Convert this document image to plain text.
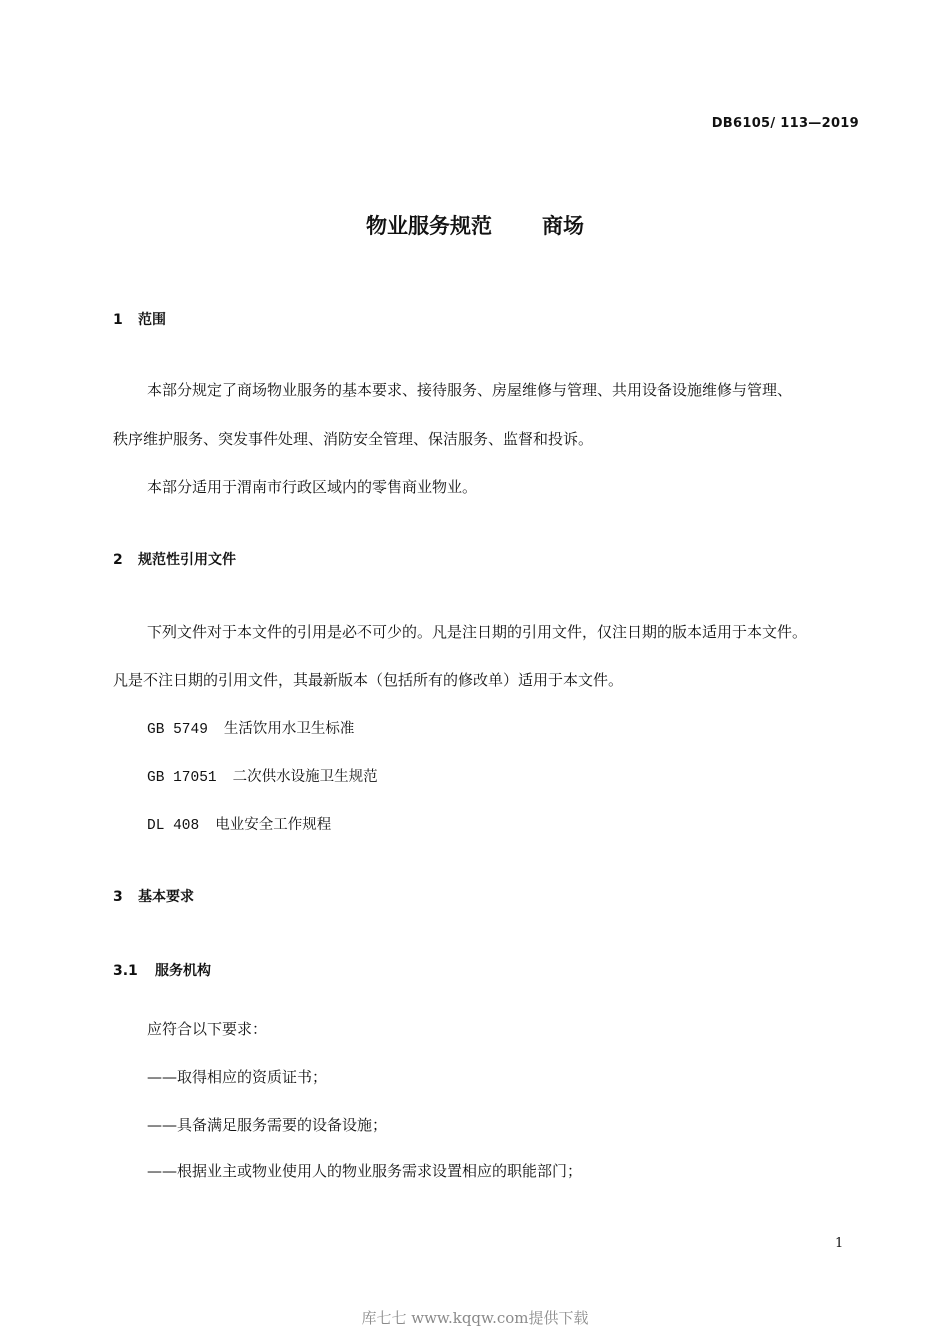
DB6105/ 113—2019
物业服务规范 商场
1 范围
本部分规定了商场物业服务的基本要求、接待服务、房屋维修与管理、共用设备设施维修与管理、
秩序维护服务、突发事件处理、消防安全管理、保洁服务、监督和投诉。
本部分适用于渭南市行政区域内的零售商业物业。
2 规范性引用文件
下列文件对于本文件的引用是必不可少的。凡是注日期的引用文件，仅注日期的版本适用于本文件。
凡是不注日期的引用文件，其最新版本（包括所有的修改单）适用于本文件。
GB 5749 生活饮用水卫生标准
GB 17051 二次供水设施卫生规范
DL 408 电业安全工作规程
3 基本要求
3.1 服务机构
应符合以下要求：
——取得相应的资质证书；
——具备满足服务需要的设备设施；
——根据业主或物业使用人的物业服务需求设置相应的职能部门；
1
库七七 www.kqqw.com提供下载
